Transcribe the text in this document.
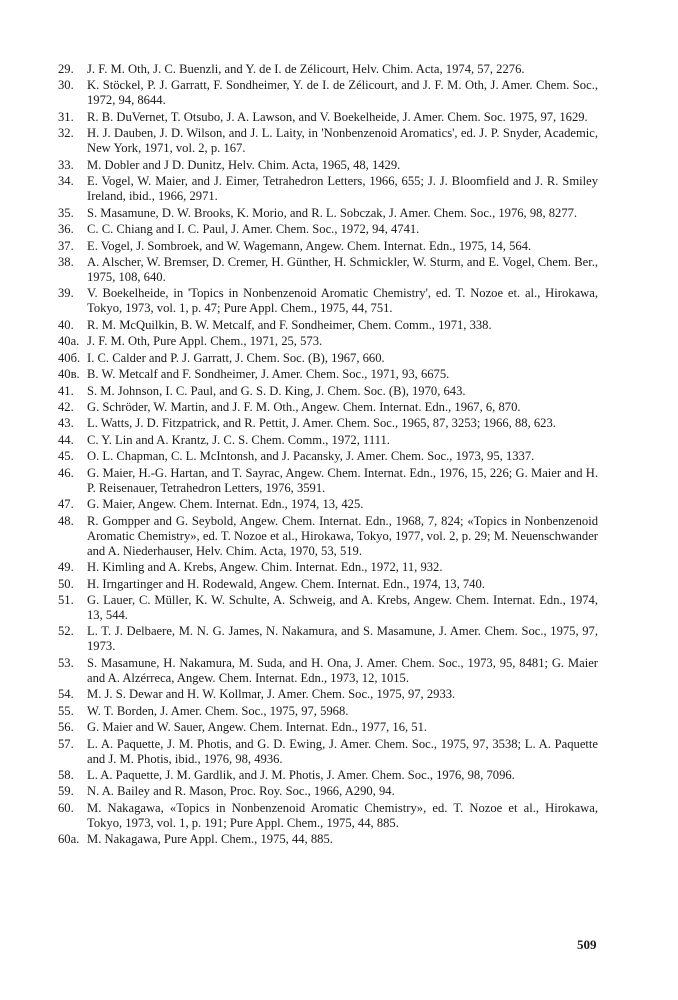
29.	J. F. M. Oth, J. C. Buenzli, and Y. de I. de Zélicourt, Helv. Chim. Acta, 1974, 57, 2276.
30.	K. Stöckel, P. J. Garratt, F. Sondheimer, Y. de I. de Zélicourt, and J. F. M. Oth, J. Amer. Chem. Soc., 1972, 94, 8644.
31.	R. B. DuVernet, T. Otsubo, J. A. Lawson, and V. Boekelheide, J. Amer. Chem. Soc. 1975, 97, 1629.
32.	H. J. Dauben, J. D. Wilson, and J. L. Laity, in 'Nonbenzenoid Aromatics', ed. J. P. Snyder, Academic, New York, 1971, vol. 2, p. 167.
33.	M. Dobler and J D. Dunitz, Helv. Chim. Acta, 1965, 48, 1429.
34.	E. Vogel, W. Maier, and J. Eimer, Tetrahedron Letters, 1966, 655; J. J. Bloomfield and J. R. Smiley Ireland, ibid., 1966, 2971.
35.	S. Masamune, D. W. Brooks, K. Morio, and R. L. Sobczak, J. Amer. Chem. Soc., 1976, 98, 8277.
36.	C. C. Chiang and I. C. Paul, J. Amer. Chem. Soc., 1972, 94, 4741.
37.	E. Vogel, J. Sombroek, and W. Wagemann, Angew. Chem. Internat. Edn., 1975, 14, 564.
38.	A. Alscher, W. Bremser, D. Cremer, H. Günther, H. Schmickler, W. Sturm, and E. Vogel, Chem. Ber., 1975, 108, 640.
39.	V. Boekelheide, in 'Topics in Nonbenzenoid Aromatic Chemistry', ed. T. Nozoe et. al., Hirokawa, Tokyo, 1973, vol. 1, p. 47; Pure Appl. Chem., 1975, 44, 751.
40.	R. M. McQuilkin, B. W. Metcalf, and F. Sondheimer, Chem. Comm., 1971, 338.
40a. J. F. M. Oth, Pure Appl. Chem., 1971, 25, 573.
40б. I. C. Calder and P. J. Garratt, J. Chem. Soc. (B), 1967, 660.
40в. B. W. Metcalf and F. Sondheimer, J. Amer. Chem. Soc., 1971, 93, 6675.
41.	S. M. Johnson, I. C. Paul, and G. S. D. King, J. Chem. Soc. (B), 1970, 643.
42.	G. Schröder, W. Martin, and J. F. M. Oth., Angew. Chem. Internat. Edn., 1967, 6, 870.
43.	L. Watts, J. D. Fitzpatrick, and R. Pettit, J. Amer. Chem. Soc., 1965, 87, 3253; 1966, 88, 623.
44.	C. Y. Lin and A. Krantz, J. C. S. Chem. Comm., 1972, 1111.
45.	O. L. Chapman, C. L. McIntonsh, and J. Pacansky, J. Amer. Chem. Soc., 1973, 95, 1337.
46.	G. Maier, H.-G. Hartan, and T. Sayrac, Angew. Chem. Internat. Edn., 1976, 15, 226; G. Maier and H. P. Reisenauer, Tetrahedron Letters, 1976, 3591.
47.	G. Maier, Angew. Chem. Internat. Edn., 1974, 13, 425.
48.	R. Gompper and G. Seybold, Angew. Chem. Internat. Edn., 1968, 7, 824; «Topics in Nonbenzenoid Aromatic Chemistry», ed. T. Nozoe et al., Hirokawa, Tokyo, 1977, vol. 2, p. 29; M. Neuenschwander and A. Niederhauser, Helv. Chim. Acta, 1970, 53, 519.
49.	H. Kimling and A. Krebs, Angew. Chim. Internat. Edn., 1972, 11, 932.
50.	H. Irngartinger and H. Rodewald, Angew. Chem. Internat. Edn., 1974, 13, 740.
51.	G. Lauer, C. Müller, K. W. Schulte, A. Schweig, and A. Krebs, Angew. Chem. Internat. Edn., 1974, 13, 544.
52.	L. T. J. Delbaere, M. N. G. James, N. Nakamura, and S. Masamune, J. Amer. Chem. Soc., 1975, 97, 1973.
53.	S. Masamune, H. Nakamura, M. Suda, and H. Ona, J. Amer. Chem. Soc., 1973, 95, 8481; G. Maier and A. Alzérreca, Angew. Chem. Internat. Edn., 1973, 12, 1015.
54.	M. J. S. Dewar and H. W. Kollmar, J. Amer. Chem. Soc., 1975, 97, 2933.
55.	W. T. Borden, J. Amer. Chem. Soc., 1975, 97, 5968.
56.	G. Maier and W. Sauer, Angew. Chem. Internat. Edn., 1977, 16, 51.
57.	L. A. Paquette, J. M. Photis, and G. D. Ewing, J. Amer. Chem. Soc., 1975, 97, 3538; L. A. Paquette and J. M. Photis, ibid., 1976, 98, 4936.
58.	L. A. Paquette, J. M. Gardlik, and J. M. Photis, J. Amer. Chem. Soc., 1976, 98, 7096.
59.	N. A. Bailey and R. Mason, Proc. Roy. Soc., 1966, A290, 94.
60.	M. Nakagawa, «Topics in Nonbenzenoid Aromatic Chemistry», ed. T. Nozoe et al., Hirokawa, Tokyo, 1973, vol. 1, p. 191; Pure Appl. Chem., 1975, 44, 885.
60a. M. Nakagawa, Pure Appl. Chem., 1975, 44, 885.
509
